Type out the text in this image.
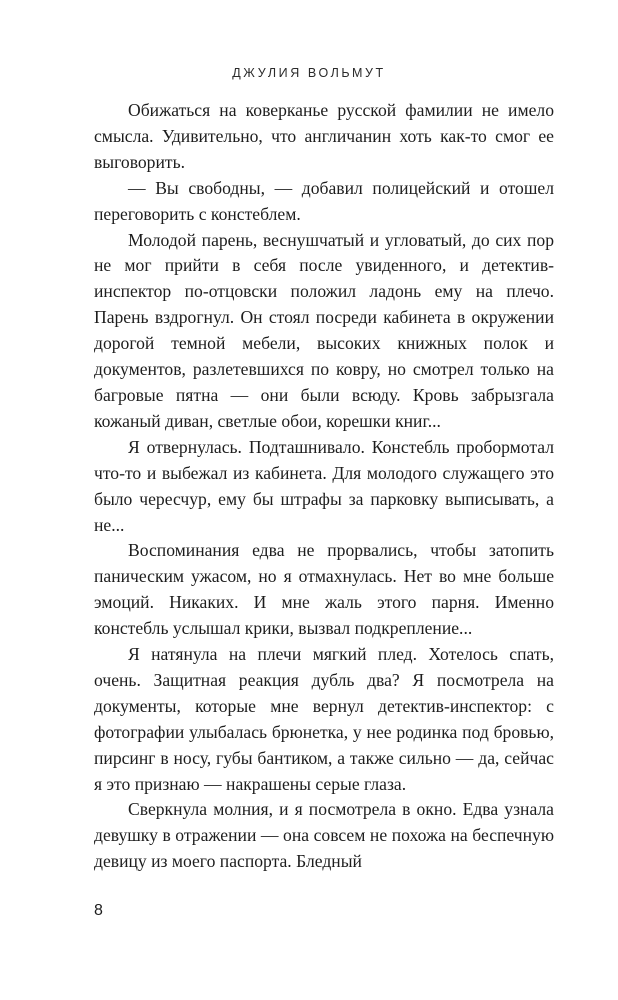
ДЖУЛИЯ ВОЛЬМУТ

Обижаться на коверканье русской фамилии не имело смысла. Удивительно, что англичанин хоть как-то смог ее выговорить.

— Вы свободны, — добавил полицейский и отошел переговорить с констеблем.

Молодой парень, веснушчатый и угловатый, до сих пор не мог прийти в себя после увиденного, и детектив-инспектор по-отцовски положил ладонь ему на плечо. Парень вздрогнул. Он стоял посреди кабинета в окружении дорогой темной мебели, высоких книжных полок и документов, разлетевшихся по ковру, но смотрел только на багровые пятна — они были всюду. Кровь забрызгала кожаный диван, светлые обои, корешки книг...

Я отвернулась. Подташнивало. Констебль пробормотал что-то и выбежал из кабинета. Для молодого служащего это было чересчур, ему бы штрафы за парковку выписывать, а не...

Воспоминания едва не прорвались, чтобы затопить паническим ужасом, но я отмахнулась. Нет во мне больше эмоций. Никаких. И мне жаль этого парня. Именно констебль услышал крики, вызвал подкрепление...

Я натянула на плечи мягкий плед. Хотелось спать, очень. Защитная реакция дубль два? Я посмотрела на документы, которые мне вернул детектив-инспектор: с фотографии улыбалась брюнетка, у нее родинка под бровью, пирсинг в носу, губы бантиком, а также сильно — да, сейчас я это признаю — накрашены серые глаза.

Сверкнула молния, и я посмотрела в окно. Едва узнала девушку в отражении — она совсем не похожа на беспечную девицу из моего паспорта. Бледный

8
